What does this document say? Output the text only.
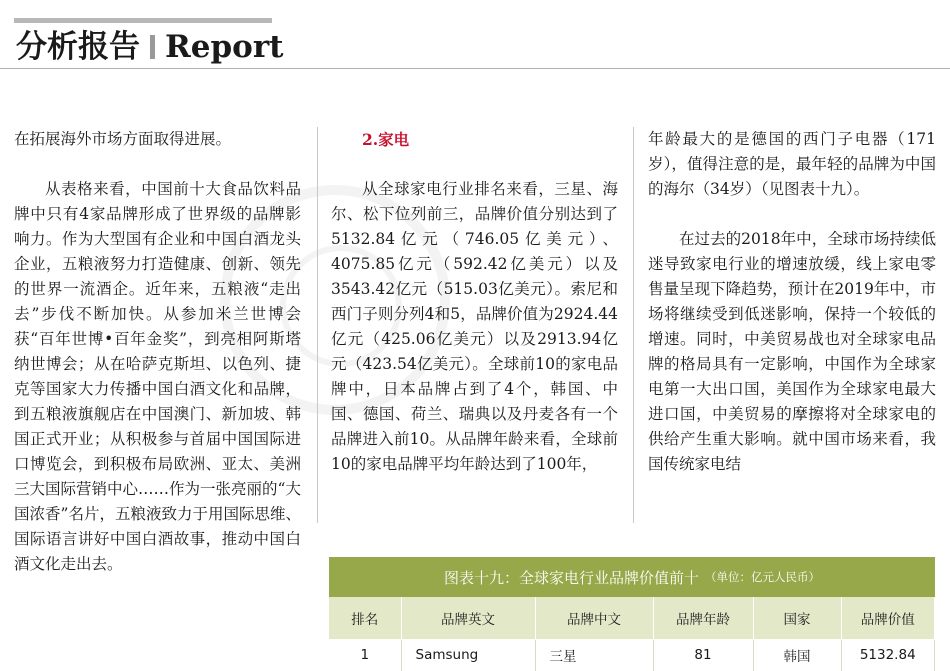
分析报告 Report

在拓展海外市场方面取得进展。

从表格来看，中国前十大食品饮料品牌中只有4家品牌形成了世界级的品牌影响力。作为大型国有企业和中国白酒龙头企业，五粮液努力打造健康、创新、领先的世界一流酒企。近年来，五粮液“走出去”步伐不断加快。从参加米兰世博会获“百年世博•百年金奖”，到亮相阿斯塔纳世博会；从在哈萨克斯坦、以色列、捷克等国家大力传播中国白酒文化和品牌，到五粮液旗舰店在中国澳门、新加坡、韩国正式开业；从积极参与首届中国国际进口博览会，到积极布局欧洲、亚太、美洲三大国际营销中心……作为一张亮丽的“大国浓香”名片，五粮液致力于用国际思维、国际语言讲好中国白酒故事，推动中国白酒文化走出去。

2.家电

从全球家电行业排名来看，三星、海尔、松下位列前三，品牌价值分别达到了5132.84亿元（746.05亿美元）、4075.85亿元（592.42亿美元）以及3543.42亿元（515.03亿美元）。索尼和西门子则分列4和5，品牌价值为2924.44亿元（425.06亿美元）以及2913.94亿元（423.54亿美元）。全球前10的家电品牌中，日本品牌占到了4个，韩国、中国、德国、荷兰、瑞典以及丹麦各有一个品牌进入前10。从品牌年龄来看，全球前10的家电品牌平均年龄达到了100年，

年龄最大的是德国的西门子电器（171岁），值得注意的是，最年轻的品牌为中国的海尔（34岁）（见图表十九）。

在过去的2018年中，全球市场持续低迷导致家电行业的增速放缓，线上家电零售量呈现下降趋势，预计在2019年中，市场将继续受到低迷影响，保持一个较低的增速。同时，中美贸易战也对全球家电品牌的格局具有一定影响，中国作为全球家电第一大出口国，美国作为全球家电最大进口国，中美贸易的摩擦将对全球家电的供给产生重大影响。就中国市场来看，我国传统家电结

图表十九：全球家电行业品牌价值前十 （单位：亿元人民币）
排名	品牌英文	品牌中文	品牌年龄	国家	品牌价值
1	Samsung	三星	81	韩国	5132.84
